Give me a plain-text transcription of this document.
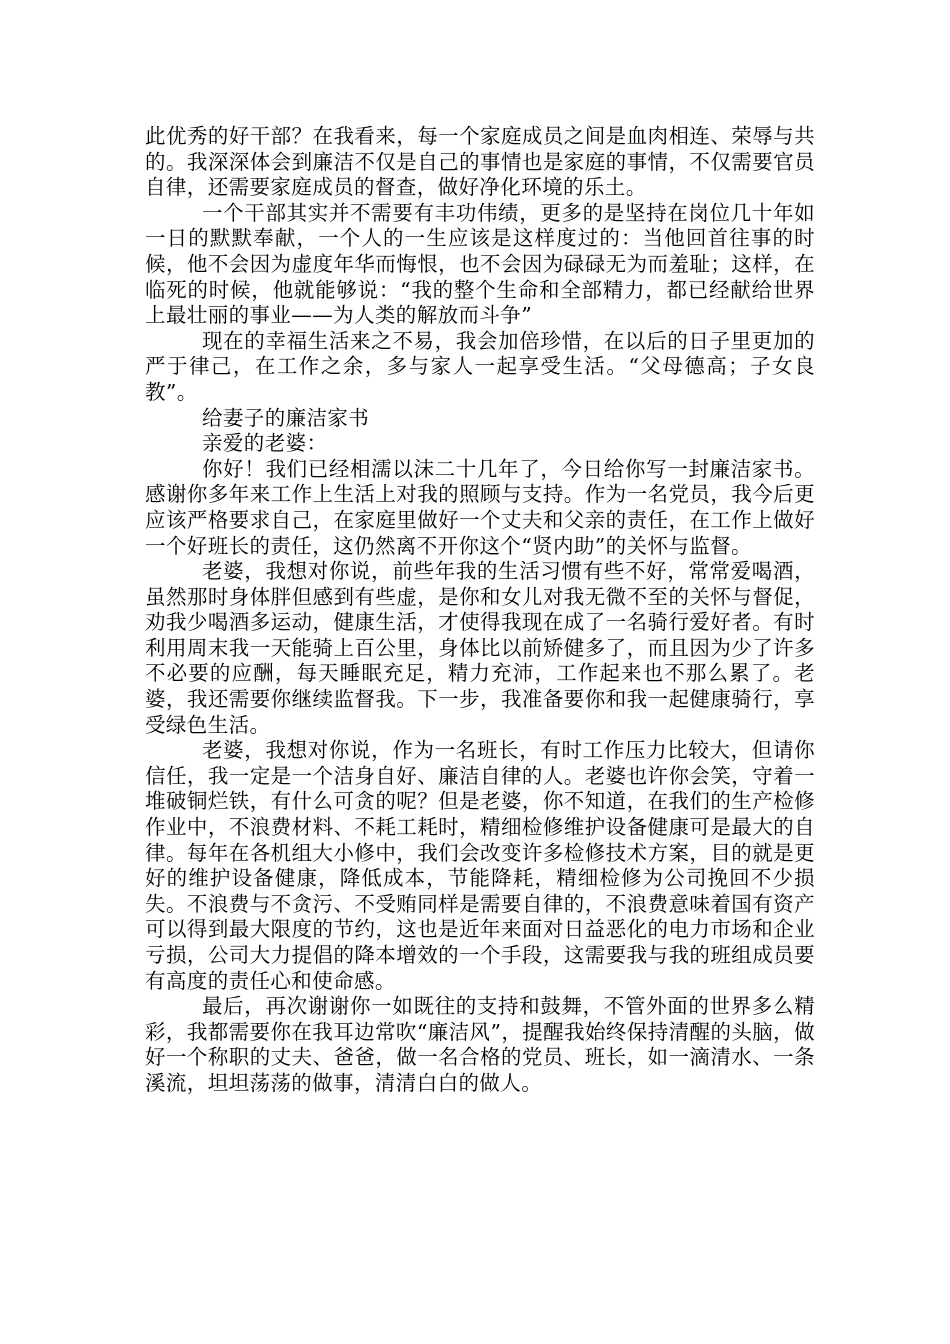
此优秀的好干部？在我看来，每一个家庭成员之间是血肉相连、荣辱与共的。我深深体会到廉洁不仅是自己的事情也是家庭的事情，不仅需要官员自律，还需要家庭成员的督查，做好净化环境的乐土。

一个干部其实并不需要有丰功伟绩，更多的是坚持在岗位几十年如一日的默默奉献，一个人的一生应该是这样度过的：当他回首往事的时候，他不会因为虚度年华而悔恨，也不会因为碌碌无为而羞耻；这样，在临死的时候，他就能够说：“我的整个生命和全部精力，都已经献给世界上最壮丽的事业——为人类的解放而斗争”

现在的幸福生活来之不易，我会加倍珍惜，在以后的日子里更加的严于律己，在工作之余，多与家人一起享受生活。“父母德高；子女良教”。

给妻子的廉洁家书

亲爱的老婆：

你好！我们已经相濡以沫二十几年了，今日给你写一封廉洁家书。感谢你多年来工作上生活上对我的照顾与支持。作为一名党员，我今后更应该严格要求自己，在家庭里做好一个丈夫和父亲的责任，在工作上做好一个好班长的责任，这仍然离不开你这个“贤内助”的关怀与监督。

老婆，我想对你说，前些年我的生活习惯有些不好，常常爱喝酒，虽然那时身体胖但感到有些虚，是你和女儿对我无微不至的关怀与督促，劝我少喝酒多运动，健康生活，才使得我现在成了一名骑行爱好者。有时利用周末我一天能骑上百公里，身体比以前矫健多了，而且因为少了许多不必要的应酬，每天睡眠充足，精力充沛，工作起来也不那么累了。老婆，我还需要你继续监督我。下一步，我准备要你和我一起健康骑行，享受绿色生活。

老婆，我想对你说，作为一名班长，有时工作压力比较大，但请你信任，我一定是一个洁身自好、廉洁自律的人。老婆也许你会笑，守着一堆破铜烂铁，有什么可贪的呢？但是老婆，你不知道，在我们的生产检修作业中，不浪费材料、不耗工耗时，精细检修维护设备健康可是最大的自律。每年在各机组大小修中，我们会改变许多检修技术方案，目的就是更好的维护设备健康，降低成本，节能降耗，精细检修为公司挽回不少损失。不浪费与不贪污、不受贿同样是需要自律的，不浪费意味着国有资产可以得到最大限度的节约，这也是近年来面对日益恶化的电力市场和企业亏损，公司大力提倡的降本增效的一个手段，这需要我与我的班组成员要有高度的责任心和使命感。

最后，再次谢谢你一如既往的支持和鼓舞，不管外面的世界多么精彩，我都需要你在我耳边常吹“廉洁风”，提醒我始终保持清醒的头脑，做好一个称职的丈夫、爸爸，做一名合格的党员、班长，如一滴清水、一条溪流，坦坦荡荡的做事，清清白白的做人。
